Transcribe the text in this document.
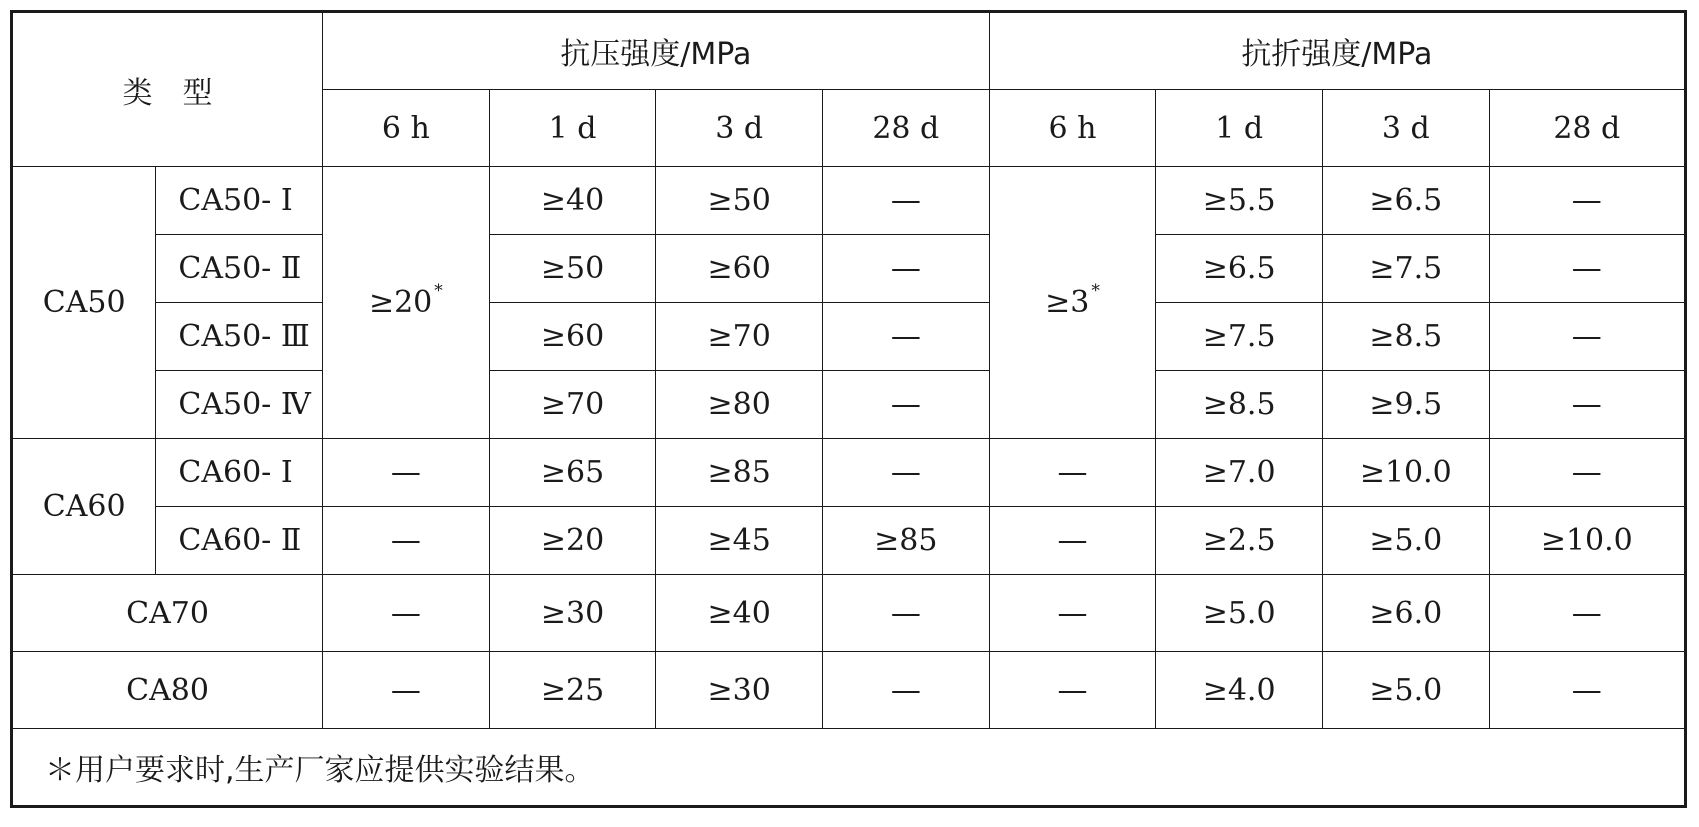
类　型		抗压强度/MPa				抗折强度/MPa			
		6 h	1 d	3 d	28 d	6 h	1 d	3 d	28 d
CA50	CA50- Ⅰ	≥20 *	≥40	≥50	—	≥3 *	≥5.5	≥6.5	—
	CA50- Ⅱ		≥50	≥60	—		≥6.5	≥7.5	—
	CA50- Ⅲ		≥60	≥70	—		≥7.5	≥8.5	—
	CA50- Ⅳ		≥70	≥80	—		≥8.5	≥9.5	—
CA60	CA60- Ⅰ	—	≥65	≥85	—	—	≥7.0	≥10.0	—
	CA60- Ⅱ	—	≥20	≥45	≥85	—	≥2.5	≥5.0	≥10.0
CA70		—	≥30	≥40	—	—	≥5.0	≥6.0	—
CA80		—	≥25	≥30	—	—	≥4.0	≥5.0	—
＊用户要求时,生产厂家应提供实验结果。									
